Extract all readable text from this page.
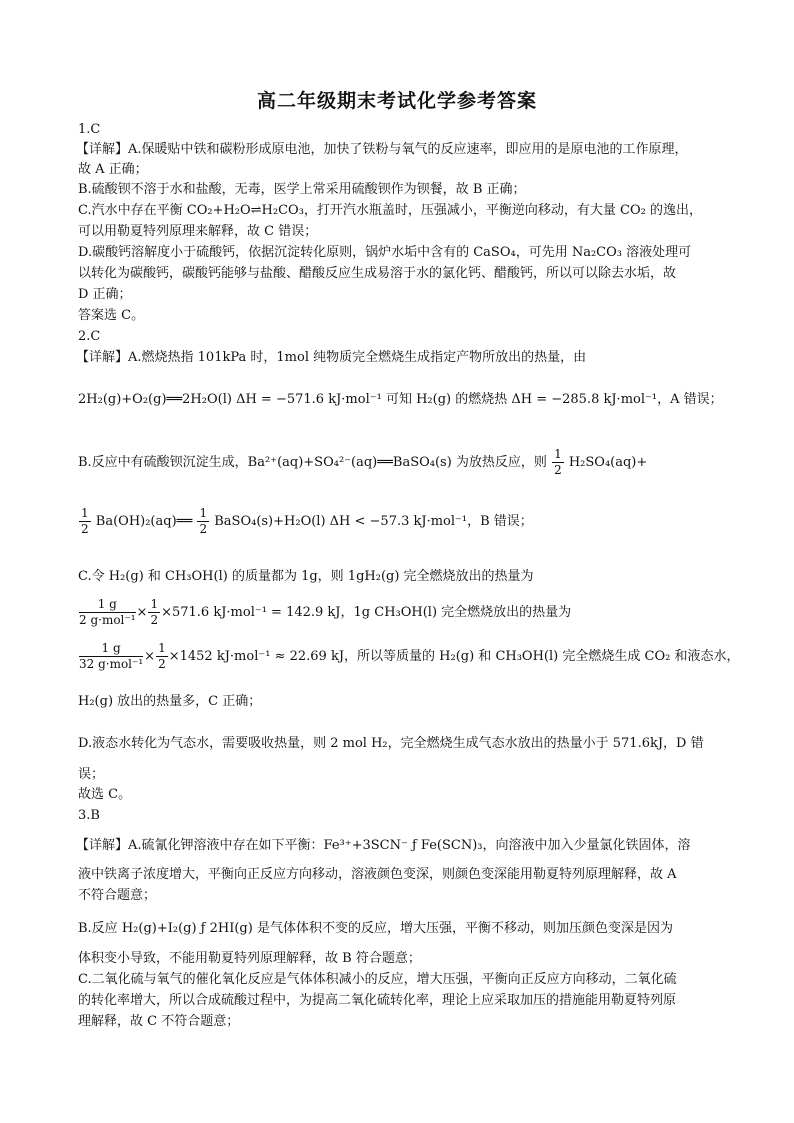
高二年级期末考试化学参考答案
1.C
【详解】A.保暖贴中铁和碳粉形成原电池，加快了铁粉与氧气的反应速率，即应用的是原电池的工作原理，
故 A 正确；
B.硫酸钡不溶于水和盐酸，无毒，医学上常采用硫酸钡作为钡餐，故 B 正确；
C.汽水中存在平衡 CO₂+H₂O⇌H₂CO₃，打开汽水瓶盖时，压强减小，平衡逆向移动，有大量 CO₂ 的逸出，
可以用勒夏特列原理来解释，故 C 错误；
D.碳酸钙溶解度小于硫酸钙，依据沉淀转化原则，锅炉水垢中含有的 CaSO₄，可先用 Na₂CO₃ 溶液处理可
以转化为碳酸钙，碳酸钙能够与盐酸、醋酸反应生成易溶于水的氯化钙、醋酸钙，所以可以除去水垢，故
D 正确；
答案选 C。
2.C
【详解】A.燃烧热指 101kPa 时，1mol 纯物质完全燃烧生成指定产物所放出的热量，由
2H₂(g)+O₂(g)══2H₂O(l) ΔH = −571.6 kJ·mol⁻¹ 可知 H₂(g) 的燃烧热 ΔH = −285.8 kJ·mol⁻¹，A 错误；
B.反应中有硫酸钡沉淀生成，Ba²⁺(aq)+SO₄²⁻(aq)══BaSO₄(s) 为放热反应，则 $\frac{1}{2} H_2SO_4(aq)+$
$\frac{1}{2}$ Ba(OH)₂(aq)══ $\frac{1}{2}$ BaSO₄(s)+H₂O(l) ΔH < −57.3 kJ·mol⁻¹，B 错误；
C.令 H₂(g) 和 CH₃OH(l) 的质量都为 1g，则 1gH₂(g) 完全燃烧放出的热量为
$\frac{1 g}{\text{2 g·mol⁻¹}} \times \frac{1}{2} \times 571.6$ kJ·mol⁻¹ = 142.9 kJ，1g CH₃OH(l) 完全燃烧放出的热量为
$\frac{1 g}{\text{32 g·mol⁻¹}} \times \frac{1}{2} \times 1452$ kJ·mol⁻¹ ≈ 22.69 kJ，所以等质量的 H₂(g) 和 CH₃OH(l) 完全燃烧生成 CO₂ 和液态水，
H₂(g) 放出的热量多，C 正确；
D.液态水转化为气态水，需要吸收热量，则 2 mol H₂，完全燃烧生成气态水放出的热量小于 571.6kJ，D 错
误；
故选 C。
3.B
【详解】A.硫氰化钾溶液中存在如下平衡：Fe³⁺+3SCN⁻ ƒ Fe(SCN)₃，向溶液中加入少量氯化铁固体，溶
液中铁离子浓度增大，平衡向正反应方向移动，溶液颜色变深，则颜色变深能用勒夏特列原理解释，故 A
不符合题意；
B.反应 H₂(g)+I₂(g) ƒ 2HI(g) 是气体体积不变的反应，增大压强，平衡不移动，则加压颜色变深是因为
体积变小导致，不能用勒夏特列原理解释，故 B 符合题意；
C.二氧化硫与氧气的催化氧化反应是气体体积减小的反应，增大压强，平衡向正反应方向移动，二氧化硫
的转化率增大，所以合成硫酸过程中，为提高二氧化硫转化率，理论上应采取加压的措施能用勒夏特列原
理解释，故 C 不符合题意；
